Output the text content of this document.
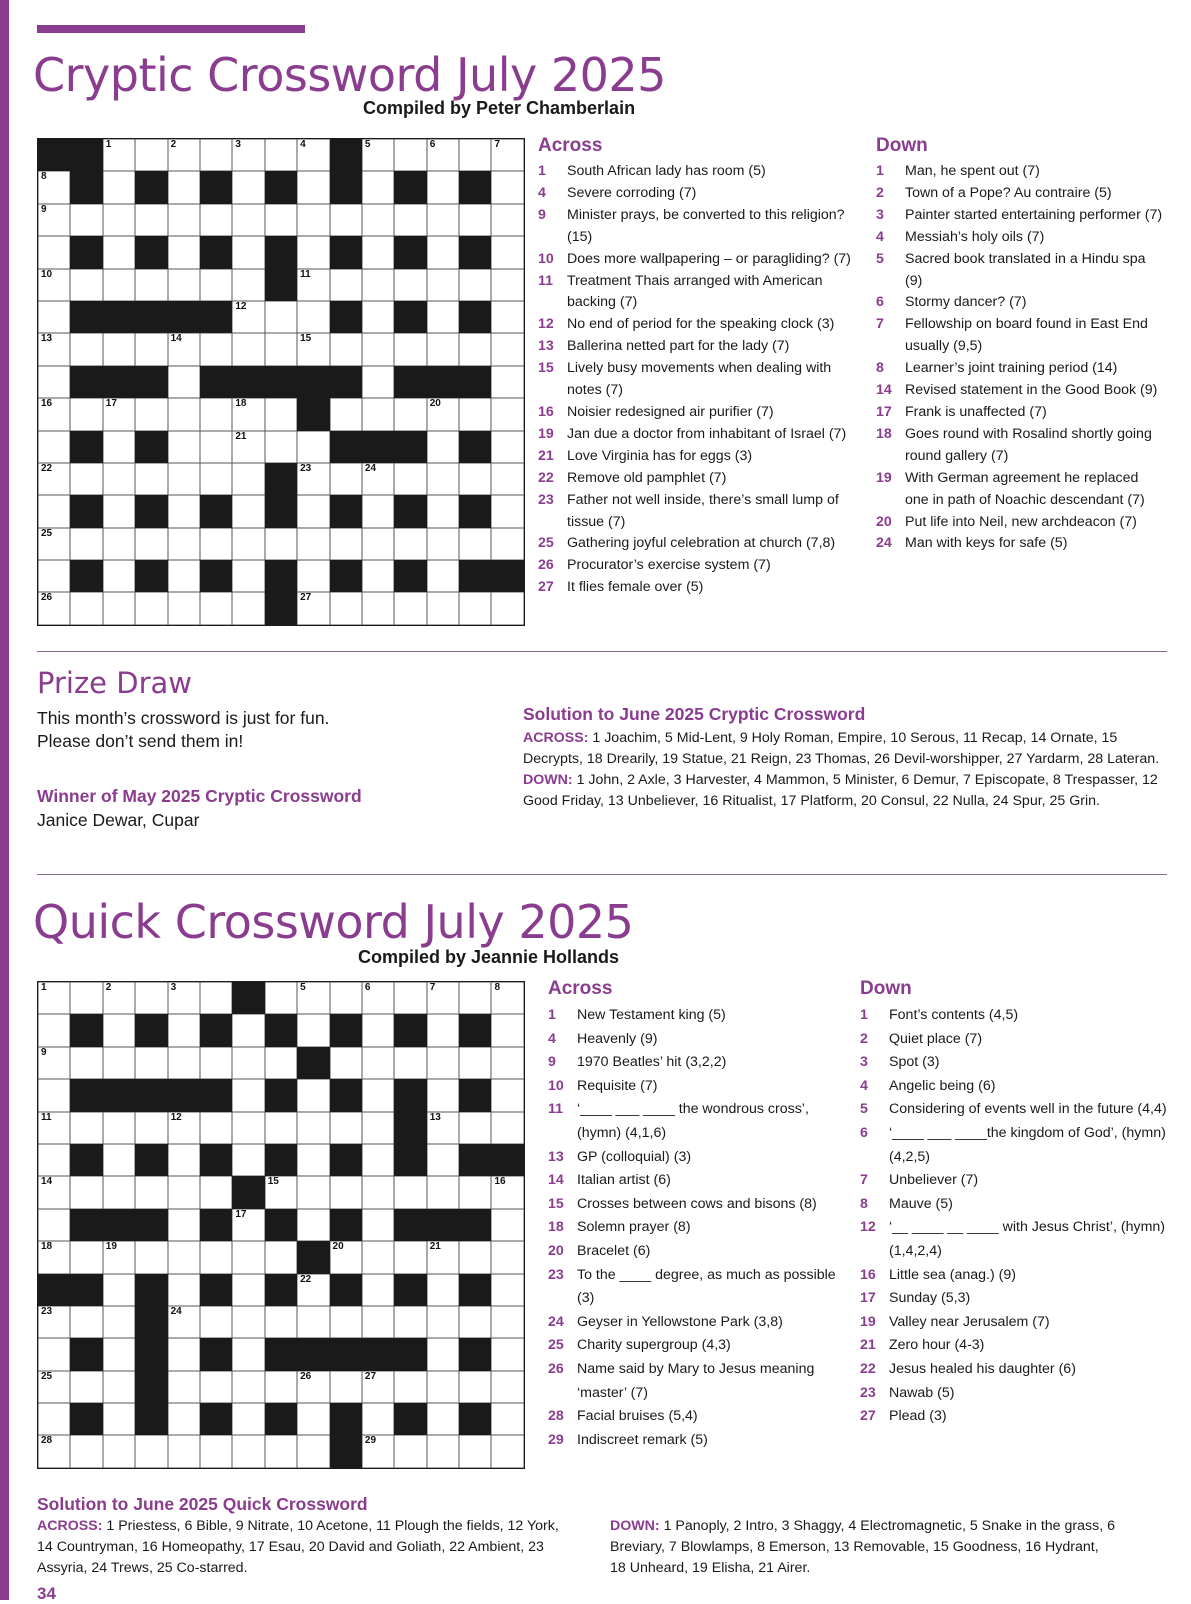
Cryptic Crossword July 2025

Compiled by Peter Chamberlain

1	2	3	4	5	6	7
8
9
10	11
12
13	14	15
16	17	18	20
21
22	23	24
25
26	27
Across
1	South African lady has room (5)
4	Severe corroding (7)
9	Minister prays, be converted to this religion? (15)
10 Does more wallpapering – or paragliding? (7)
11 Treatment Thais arranged with American backing (7)
12 No end of period for the speaking clock (3)
13 Ballerina netted part for the lady (7)
15 Lively busy movements when dealing with notes (7)
16 Noisier redesigned air purifier (7)
19 Jan due a doctor from inhabitant of Israel (7)
21 Love Virginia has for eggs (3)
22 Remove old pamphlet (7)
23 Father not well inside, there’s small lump of tissue (7)
25 Gathering joyful celebration at church (7,8)
26 Procurator’s exercise system (7)
27 It flies female over (5)
Down
1	Man, he spent out (7)
2	Town of a Pope? Au contraire (5)
3	Painter started entertaining performer (7)
4	Messiah’s holy oils (7)
5	Sacred book translated in a Hindu spa (9)
6	Stormy dancer? (7)
7	Fellowship on board found in East End usually (9,5)
8	Learner’s joint training period (14)
14 Revised statement in the Good Book (9)
17 Frank is unaffected (7)
18 Goes round with Rosalind shortly going round gallery (7)
19 With German agreement he replaced one in path of Noachic descendant (7)
20 Put life into Neil, new archdeacon (7)
24 Man with keys for safe (5)
Prize Draw

This month’s crossword is just for fun.

Please don’t send them in!

Winner of May 2025 Cryptic Crossword

Janice Dewar, Cupar

Solution to June 2025 Cryptic Crossword

ACROSS: 1 Joachim, 5 Mid-Lent, 9 Holy Roman, Empire, 10 Serous, 11 Recap, 14 Ornate, 15 Decrypts, 18 Drearily, 19 Statue, 21 Reign, 23 Thomas, 26 Devil-worshipper, 27 Yardarm, 28 Lateran.

DOWN: 1 John, 2 Axle, 3 Harvester, 4 Mammon, 5 Minister, 6 Demur, 7 Episcopate, 8 Trespasser, 12 Good Friday, 13 Unbeliever, 16 Ritualist, 17 Platform, 20 Consul, 22 Nulla, 24 Spur, 25 Grin.

Quick Crossword July 2025

Compiled by Jeannie Hollands

1	2	3	5	6	7	8
9
11	12	13
14	15	16
17
18	19	20	21
22
23	24
25	26	27
28	29
Across
1	New Testament king (5)
4	Heavenly (9)
9	1970 Beatles’ hit (3,2,2)
10 Requisite (7)
11 ‘____ ___ ____ the wondrous cross’, (hymn) (4,1,6)
13 GP (colloquial) (3)
14 Italian artist (6)
15 Crosses between cows and bisons (8)
18 Solemn prayer (8)
20 Bracelet (6)
23 To the ____ degree, as much as possible (3)
24 Geyser in Yellowstone Park (3,8)
25 Charity supergroup (4,3)
26 Name said by Mary to Jesus meaning ‘master’ (7)
28 Facial bruises (5,4)
29 Indiscreet remark (5)
Down
1	Font’s contents (4,5)
2	Quiet place (7)
3	Spot (3)
4	Angelic being (6)
5	Considering of events well in the future (4,4)
6	‘____ ___ ____the kingdom of God’, (hymn) (4,2,5)
7	Unbeliever (7)
8	Mauve (5)
12 ‘__ ____ __ ____ with Jesus Christ’, (hymn) (1,4,2,4)
16 Little sea (anag.) (9)
17 Sunday (5,3)
19 Valley near Jerusalem (7)
21 Zero hour (4-3)
22 Jesus healed his daughter (6)
23 Nawab (5)
27 Plead (3)

Solution to June 2025 Quick Crossword

ACROSS: 1 Priestess, 6 Bible, 9 Nitrate, 10 Acetone, 11 Plough the fields, 12 York, 14 Countryman, 16 Homeopathy, 17 Esau, 20 David and Goliath, 22 Ambient, 23 Assyria, 24 Trews, 25 Co-starred.

DOWN: 1 Panoply, 2 Intro, 3 Shaggy, 4 Electromagnetic, 5 Snake in the grass, 6 Breviary, 7 Blowlamps, 8 Emerson, 13 Removable, 15 Goodness, 16 Hydrant, 18 Unheard, 19 Elisha, 21 Airer.

34
